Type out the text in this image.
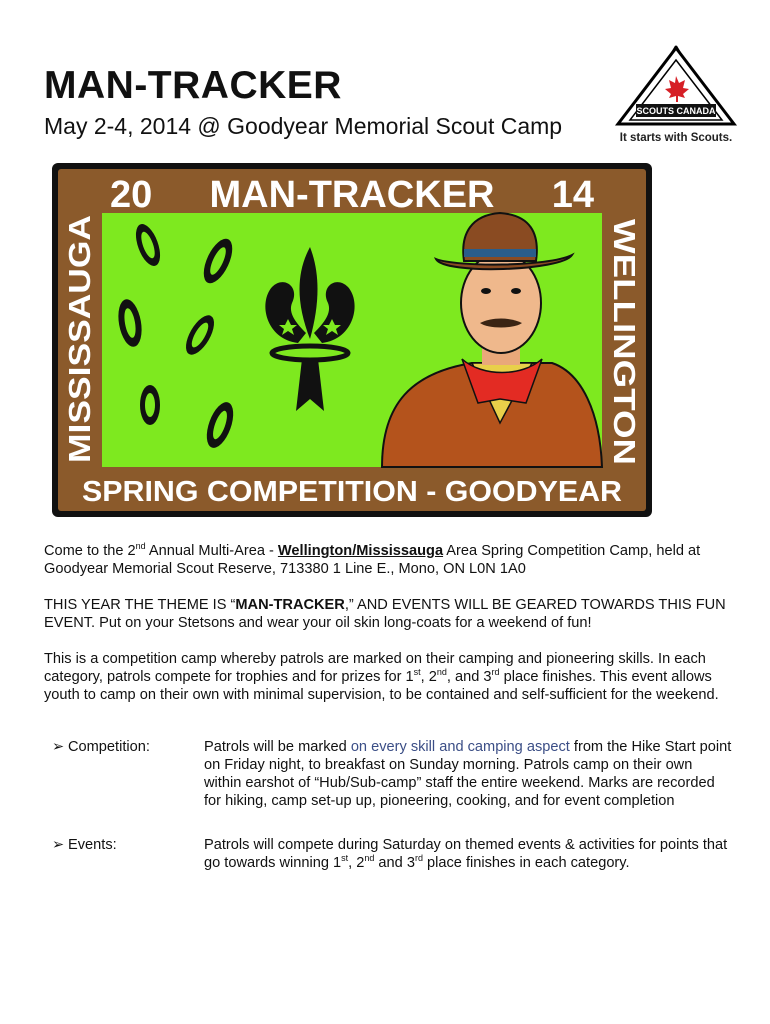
MAN-TRACKER
May 2-4, 2014 @ Goodyear Memorial Scout Camp
SCOUTS CANADA
It starts with Scouts.
20 MAN-TRACKER 14
MISSISSAUGA	WELLINGTON
SPRING COMPETITION - GOODYEAR

Come to the 2nd Annual Multi-Area - Wellington/Mississauga Area Spring Competition Camp, held at Goodyear Memorial Scout Reserve, 713380 1 Line E., Mono, ON L0N 1A0

THIS YEAR THE THEME IS “MAN-TRACKER,” AND EVENTS WILL BE GEARED TOWARDS THIS FUN EVENT. Put on your Stetsons and wear your oil skin long-coats for a weekend of fun!

This is a competition camp whereby patrols are marked on their camping and pioneering skills. In each category, patrols compete for trophies and for prizes for 1st, 2nd, and 3rd place finishes. This event allows youth to camp on their own with minimal supervision, to be contained and self-sufficient for the weekend.

➢ Competition:	Patrols will be marked on every skill and camping aspect from the Hike Start point on Friday night, to breakfast on Sunday morning. Patrols camp on their own within earshot of “Hub/Sub-camp” staff the entire weekend. Marks are recorded for hiking, camp set-up up, pioneering, cooking, and for event completion
➢ Events:	Patrols will compete during Saturday on themed events & activities for points that go towards winning 1st, 2nd and 3rd place finishes in each category.
